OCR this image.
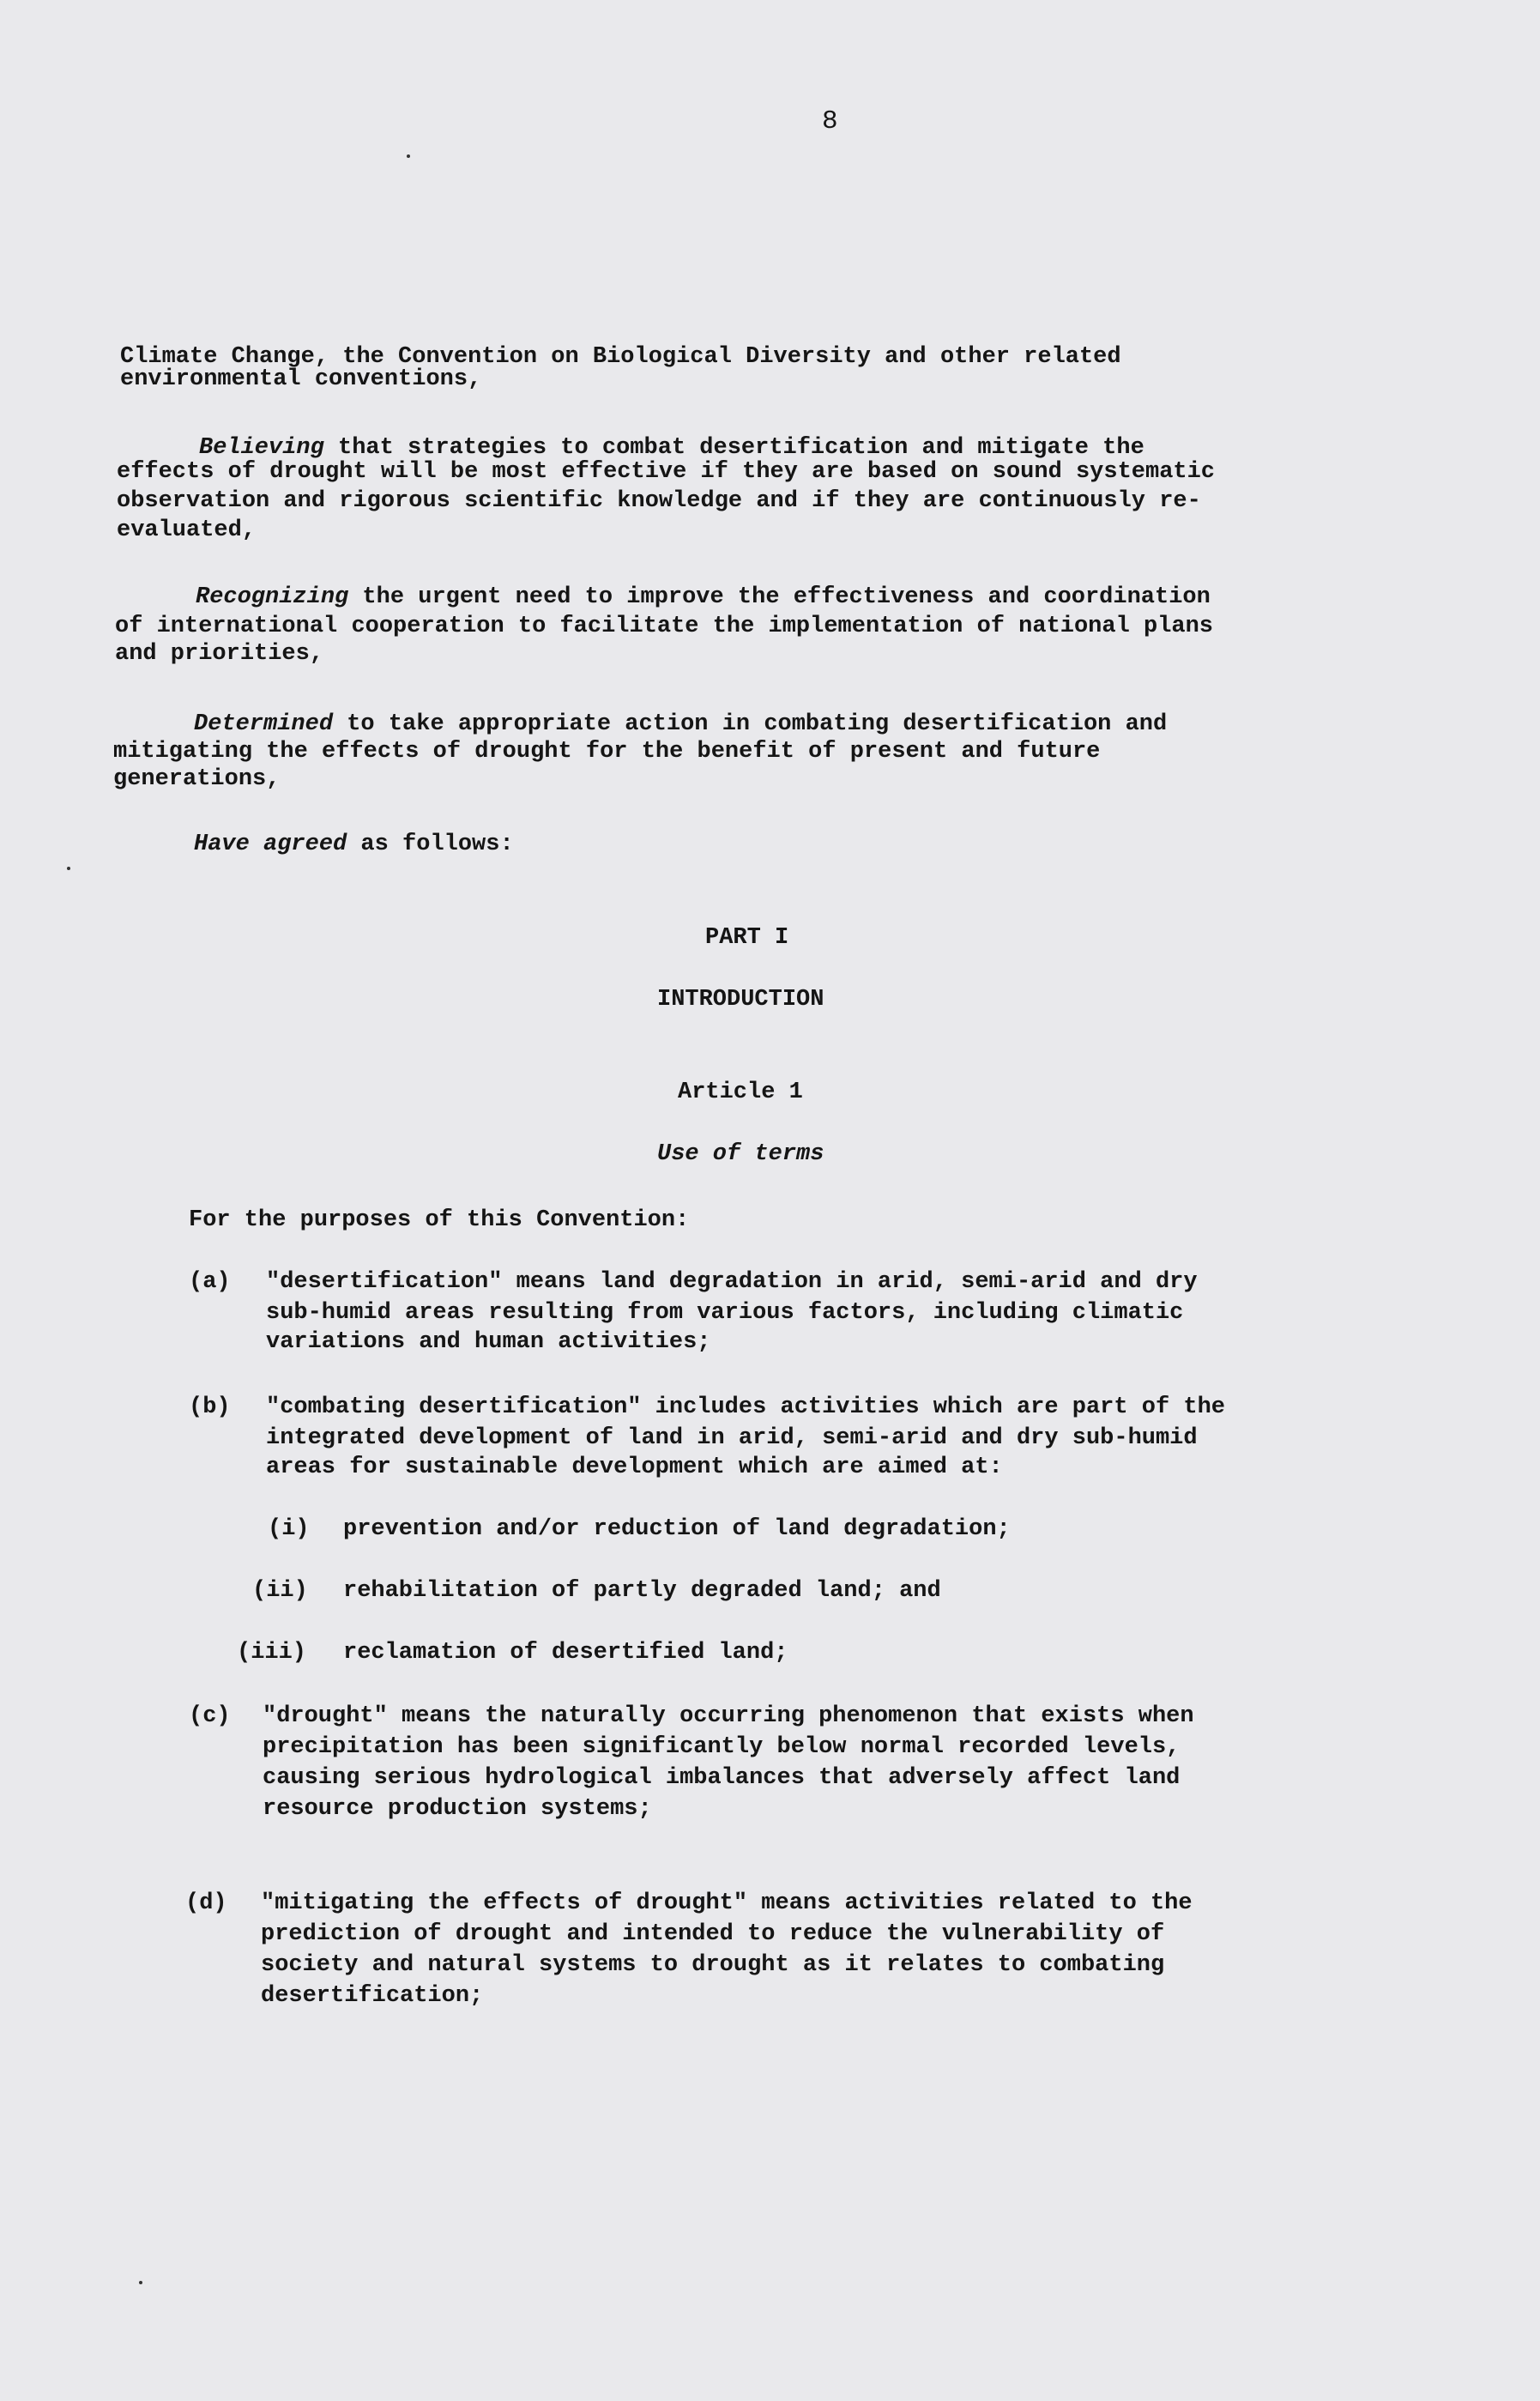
8
Climate Change, the Convention on Biological Diversity and other related
environmental conventions,
Believing that strategies to combat desertification and mitigate the
effects of drought will be most effective if they are based on sound systematic
observation and rigorous scientific knowledge and if they are continuously re-
evaluated,
Recognizing the urgent need to improve the effectiveness and coordination
of international cooperation to facilitate the implementation of national plans
and priorities,
Determined to take appropriate action in combating desertification and
mitigating the effects of drought for the benefit of present and future
generations,
Have agreed as follows:
PART I
INTRODUCTION
Article 1
Use of terms
For the purposes of this Convention:
(a) "desertification" means land degradation in arid, semi-arid and dry
sub-humid areas resulting from various factors, including climatic
variations and human activities;
(b) "combating desertification" includes activities which are part of the
integrated development of land in arid, semi-arid and dry sub-humid
areas for sustainable development which are aimed at:
(i) prevention and/or reduction of land degradation;
(ii) rehabilitation of partly degraded land; and
(iii) reclamation of desertified land;
(c) "drought" means the naturally occurring phenomenon that exists when
precipitation has been significantly below normal recorded levels,
causing serious hydrological imbalances that adversely affect land
resource production systems;
(d) "mitigating the effects of drought" means activities related to the
prediction of drought and intended to reduce the vulnerability of
society and natural systems to drought as it relates to combating
desertification;
